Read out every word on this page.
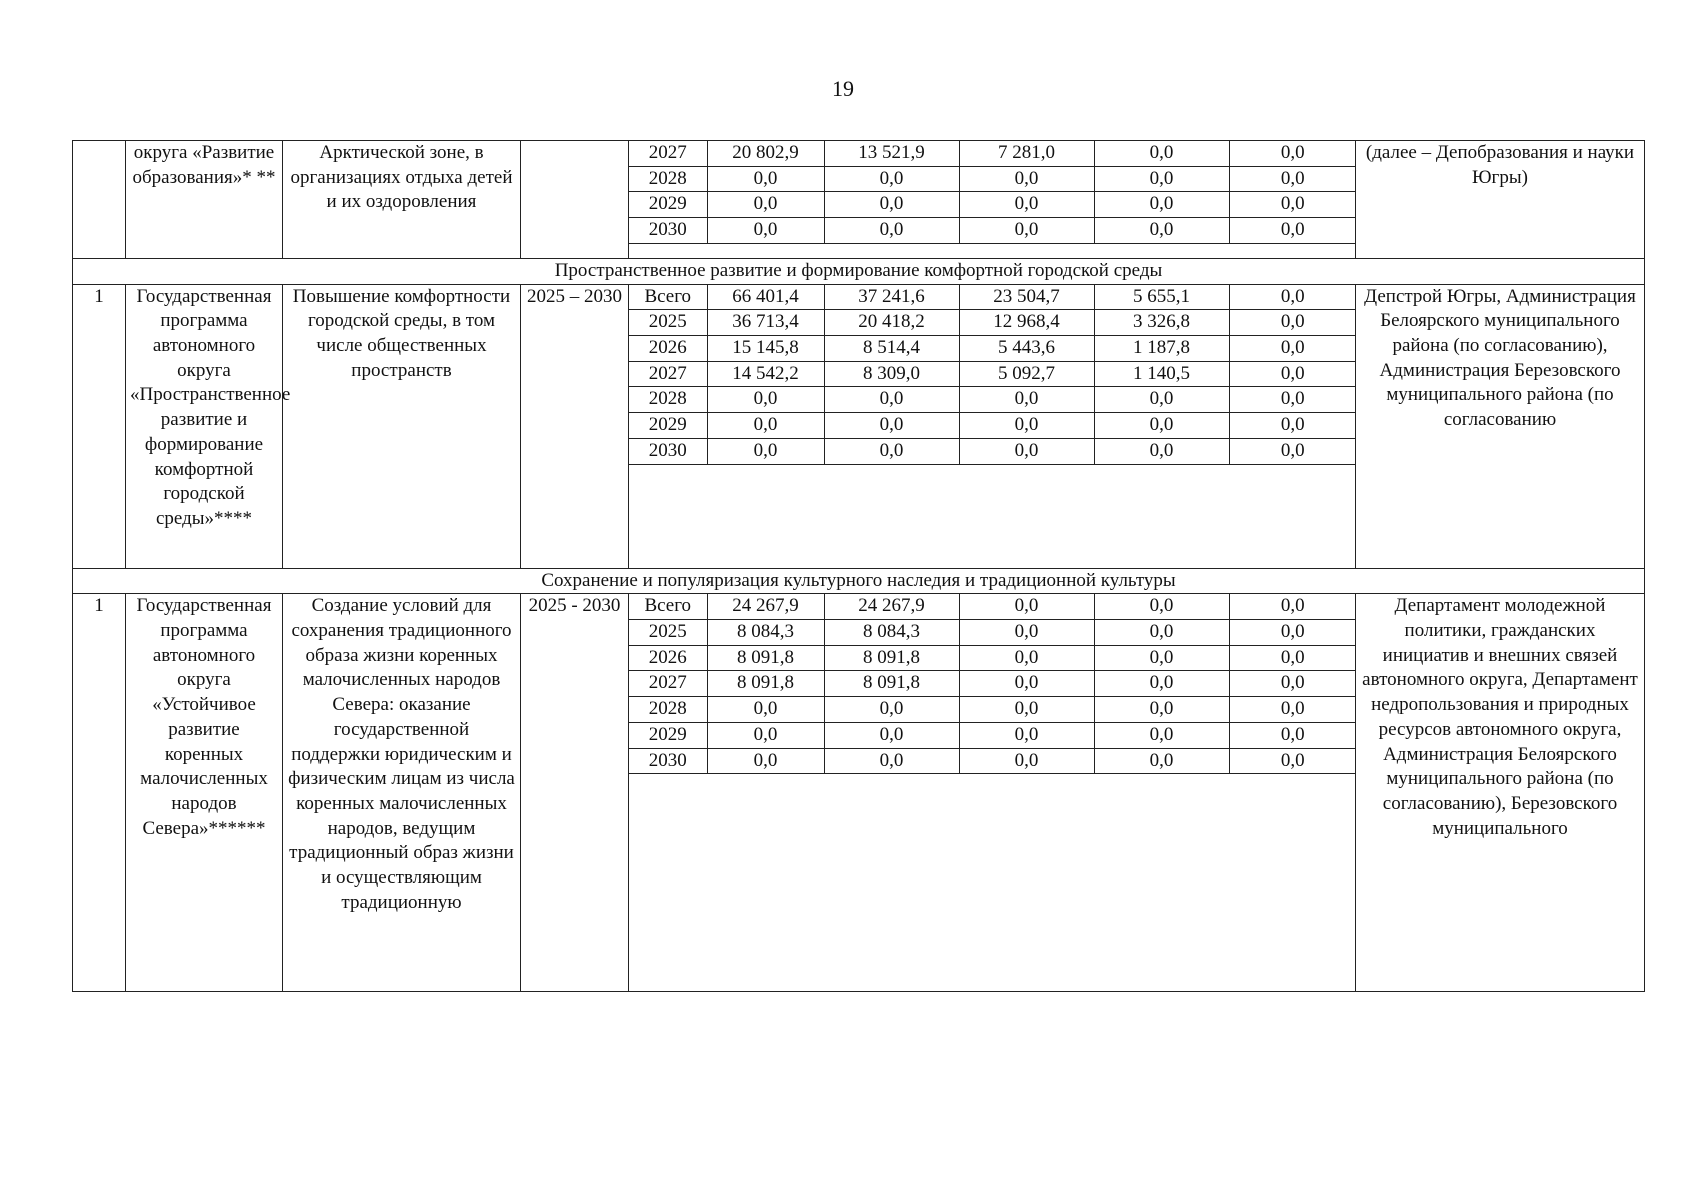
19
	округа «Развитие образования»* **	Арктической зоне, в организациях отдыха детей и их оздоровления		
2027	20 802,9	13 521,9	7 281,0	0,0	0,0
2028	0,0	0,0	0,0	0,0	0,0
2029	0,0	0,0	0,0	0,0	0,0
2030	0,0	0,0	0,0	0,0	0,0
	(далее – Депобразования и науки Югры)
Пространственное развитие и формирование комфортной городской среды
1	Государственная программа автономного округа «Пространственное развитие и формирование комфортной городской среды»****	Повышение комфортности городской среды, в том числе общественных пространств	2025 – 2030	Всего	66 401,4	37 241,6	23 504,7	5 655,1	0,0
2025	36 713,4	20 418,2	12 968,4	3 326,8	0,0
2026	15 145,8	8 514,4	5 443,6	1 187,8	0,0
2027	14 542,2	8 309,0	5 092,7	1 140,5	0,0
2028	0,0	0,0	0,0	0,0	0,0
2029	0,0	0,0	0,0	0,0	0,0
2030	0,0	0,0	0,0	0,0	0,0
	Депстрой Югры, Администрация Белоярского муниципального района (по согласованию), Администрация Березовского муниципального района (по согласованию
Сохранение и популяризация культурного наследия и традиционной культуры
1	Государственная программа автономного округа «Устойчивое развитие коренных малочисленных народов Севера»******	Создание условий для сохранения традиционного образа жизни коренных малочисленных народов Севера: оказание государственной поддержки юридическим и физическим лицам из числа коренных малочисленных народов, ведущим традиционный образ жизни и осуществляющим традиционную	2025 - 2030	Всего	24 267,9	24 267,9	0,0	0,0	0,0
2025	8 084,3	8 084,3	0,0	0,0	0,0
2026	8 091,8	8 091,8	0,0	0,0	0,0
2027	8 091,8	8 091,8	0,0	0,0	0,0
2028	0,0	0,0	0,0	0,0	0,0
2029	0,0	0,0	0,0	0,0	0,0
2030	0,0	0,0	0,0	0,0	0,0
	Департамент молодежной политики, гражданских инициатив и внешних связей автономного округа, Департамент недропользования и природных ресурсов автономного округа, Администрация Белоярского муниципального района (по согласованию), Березовского муниципального
